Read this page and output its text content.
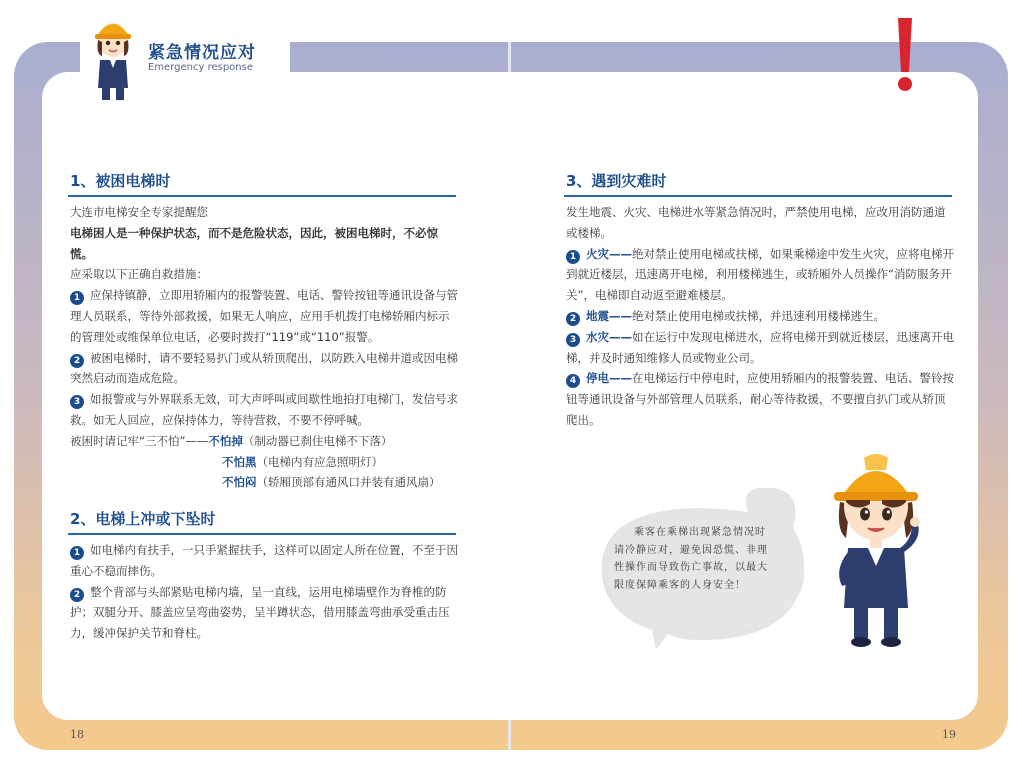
紧急情况应对
Emergency response
1、被困电梯时

大连市电梯安全专家提醒您

电梯困人是一种保护状态，而不是危险状态，因此，被困电梯时，不必惊慌。

应采取以下正确自救措施：

1 应保持镇静，立即用轿厢内的报警装置、电话、警铃按钮等通讯设备与管理人员联系，等待外部救援，如果无人响应，应用手机拨打电梯轿厢内标示的管理处或维保单位电话，必要时拨打“119”或“110”报警。

2 被困电梯时，请不要轻易扒门或从轿顶爬出，以防跌入电梯井道或因电梯突然启动而造成危险。

3 如报警或与外界联系无效，可大声呼叫或间歇性地拍打电梯门，发信号求救。如无人回应，应保持体力，等待营救，不要不停呼喊。

被困时请记牢“三不怕”——不怕掉（制动器已刹住电梯不下落）

不怕黑（电梯内有应急照明灯）

不怕闷（轿厢顶部有通风口并装有通风扇）

2、电梯上冲或下坠时

1 如电梯内有扶手，一只手紧握扶手，这样可以固定人所在位置，不至于因重心不稳而摔伤。

2 整个背部与头部紧贴电梯内墙，呈一直线，运用电梯墙壁作为脊椎的防护；双腿分开、膝盖应呈弯曲姿势，呈半蹲状态，借用膝盖弯曲承受重击压力，缓冲保护关节和脊柱。

3、遇到灾难时

发生地震、火灾、电梯进水等紧急情况时，严禁使用电梯，应改用消防通道或楼梯。

1 火灾——绝对禁止使用电梯或扶梯，如果乘梯途中发生火灾，应将电梯开到就近楼层，迅速离开电梯，利用楼梯逃生，或轿厢外人员操作“消防服务开关”，电梯即自动返至避难楼层。

2 地震——绝对禁止使用电梯或扶梯，并迅速利用楼梯逃生。

3 水灾——如在运行中发现电梯进水，应将电梯开到就近楼层，迅速离开电梯，并及时通知维修人员或物业公司。

4 停电——在电梯运行中停电时，应使用轿厢内的报警装置、电话、警铃按钮等通讯设备与外部管理人员联系，耐心等待救援，不要擅自扒门或从轿顶爬出。

乘客在乘梯出现紧急情况时

请冷静应对，避免因恐慌、非理

性操作而导致伤亡事故，以最大

限度保障乘客的人身安全！

18	19
